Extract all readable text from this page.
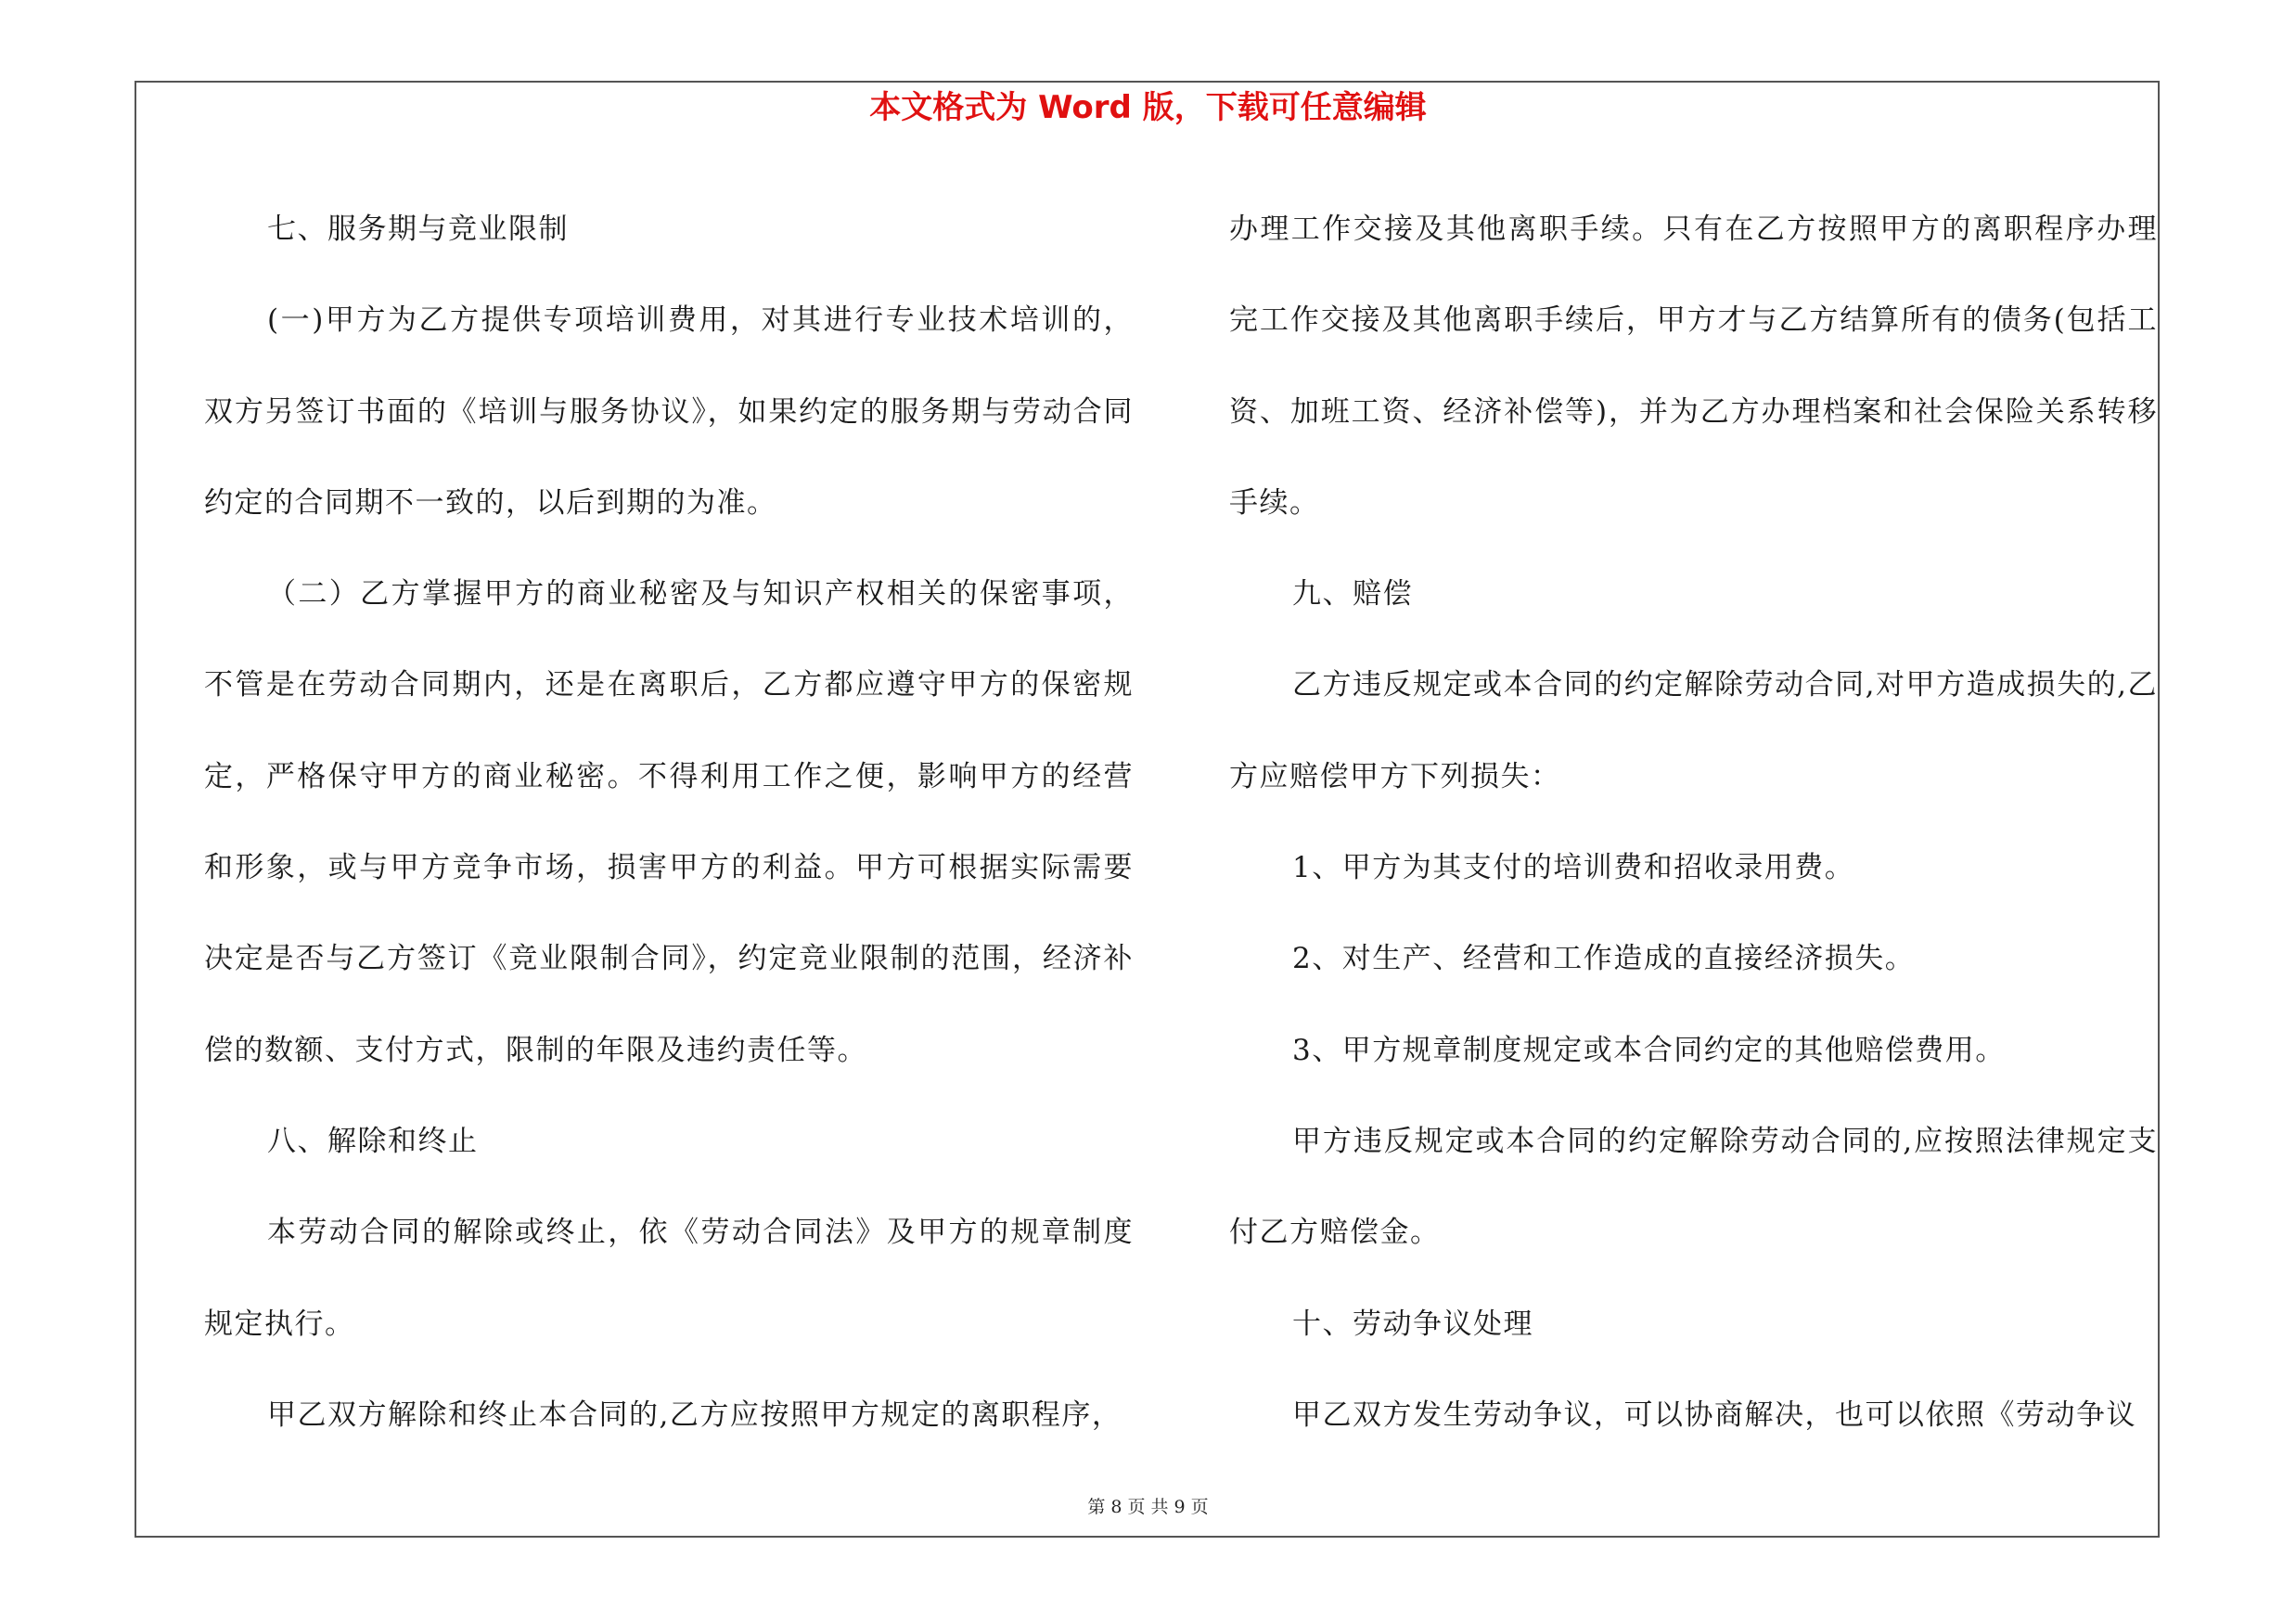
本文格式为 Word 版，下载可任意编辑

七、服务期与竞业限制

(一)甲方为乙方提供专项培训费用，对其进行专业技术培训的，双方另签订书面的《培训与服务协议》，如果约定的服务期与劳动合同约定的合同期不一致的，以后到期的为准。

（二）乙方掌握甲方的商业秘密及与知识产权相关的保密事项，不管是在劳动合同期内，还是在离职后，乙方都应遵守甲方的保密规定，严格保守甲方的商业秘密。不得利用工作之便，影响甲方的经营和形象，或与甲方竞争市场，损害甲方的利益。甲方可根据实际需要决定是否与乙方签订《竞业限制合同》，约定竞业限制的范围，经济补偿的数额、支付方式，限制的年限及违约责任等。

八、解除和终止

本劳动合同的解除或终止，依《劳动合同法》及甲方的规章制度规定执行。

甲乙双方解除和终止本合同的,乙方应按照甲方规定的离职程序，

办理工作交接及其他离职手续。只有在乙方按照甲方的离职程序办理完工作交接及其他离职手续后，甲方才与乙方结算所有的债务(包括工资、加班工资、经济补偿等)，并为乙方办理档案和社会保险关系转移手续。

九、赔偿

乙方违反规定或本合同的约定解除劳动合同,对甲方造成损失的,乙方应赔偿甲方下列损失：

1、甲方为其支付的培训费和招收录用费。

2、对生产、经营和工作造成的直接经济损失。

3、甲方规章制度规定或本合同约定的其他赔偿费用。

甲方违反规定或本合同的约定解除劳动合同的,应按照法律规定支付乙方赔偿金。

十、劳动争议处理

甲乙双方发生劳动争议，可以协商解决，也可以依照《劳动争议

第 8 页 共 9 页
